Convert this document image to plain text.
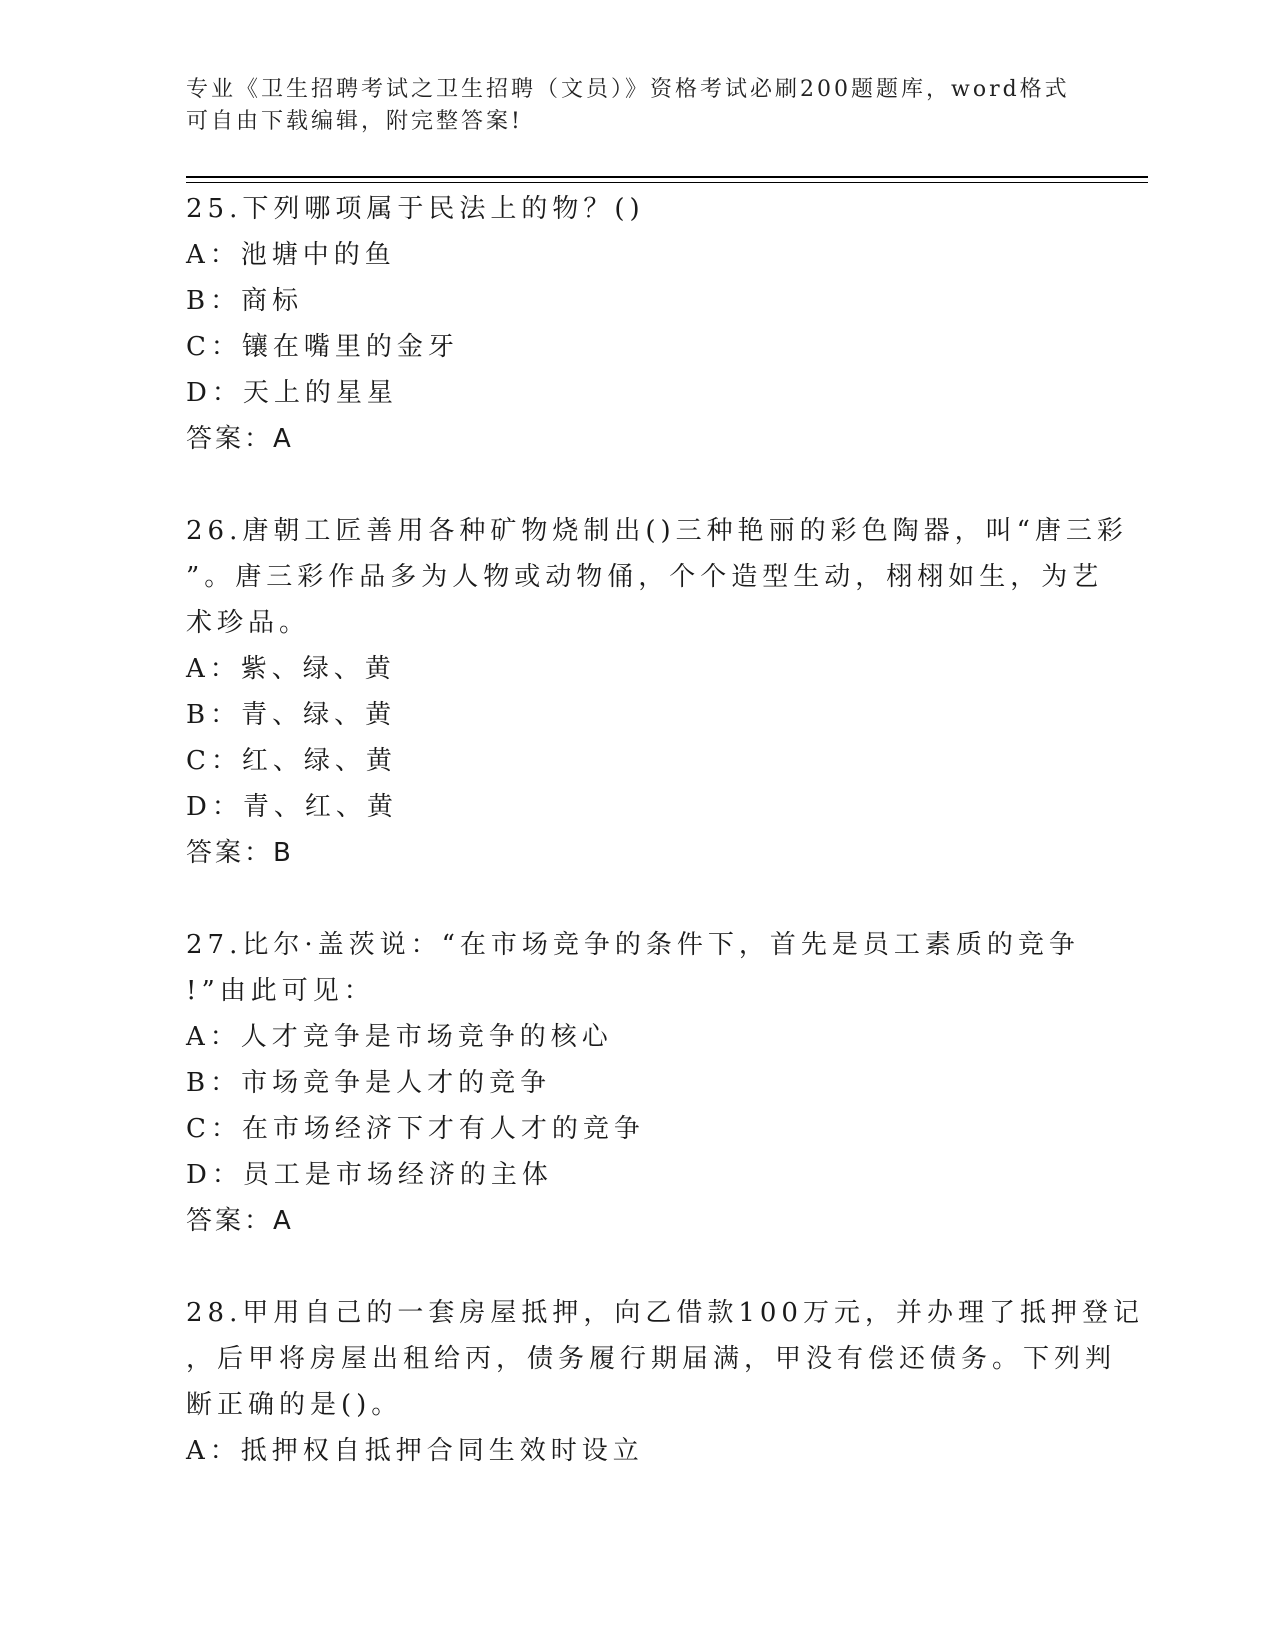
专业《卫生招聘考试之卫生招聘（文员）》资格考试必刷200题题库，word格式
可自由下载编辑，附完整答案!
25.下列哪项属于民法上的物？()
A：池塘中的鱼
B：商标
C：镶在嘴里的金牙
D：天上的星星
答案：A
26.唐朝工匠善用各种矿物烧制出()三种艳丽的彩色陶器，叫“唐三彩
”。唐三彩作品多为人物或动物俑，个个造型生动，栩栩如生，为艺
术珍品。
A：紫、绿、黄
B：青、绿、黄
C：红、绿、黄
D：青、红、黄
答案：B
27.比尔·盖茨说：“在市场竞争的条件下，首先是员工素质的竞争
!”由此可见：
A：人才竞争是市场竞争的核心
B：市场竞争是人才的竞争
C：在市场经济下才有人才的竞争
D：员工是市场经济的主体
答案：A
28.甲用自己的一套房屋抵押，向乙借款100万元，并办理了抵押登记
，后甲将房屋出租给丙，债务履行期届满，甲没有偿还债务。下列判
断正确的是()。
A：抵押权自抵押合同生效时设立
